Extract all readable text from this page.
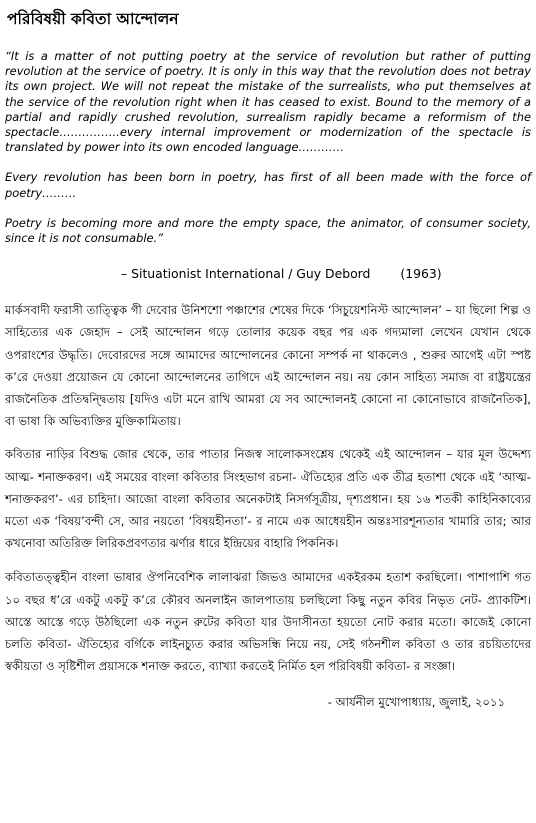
পরিবিষয়ী কবিতা আন্দোলন

“It is a matter of not putting poetry at the service of revolution but rather of putting revolution at the service of poetry. It is only in this way that the revolution does not betray its own project. We will not repeat the mistake of the surrealists, who put themselves at the service of the revolution right when it has ceased to exist. Bound to the memory of a partial and rapidly crushed revolution, surrealism rapidly became a reformism of the spectacle…………….every internal improvement or modernization of the spectacle is translated by power into its own encoded language…………

Every revolution has been born in poetry, has first of all been made with the force of poetry………

Poetry is becoming more and more the empty space, the animator, of consumer society, since it is not consumable.”

– Situationist International / Guy Debord (1963)

মার্কসবাদী ফরাসী তাত্ত্বিক গী দেবোর উনিশশো পঞ্চাশের শেষের দিকে ‘সিচুয়েশনিস্ট আন্দোলন’ – যা ছিলো শিল্প ও সাহিত্যের এক জেহাদ – সেই আন্দোলন গড়ে তোলার কয়েক বছর পর এক গদ্যমালা লেখেন যেখান থেকে ওপরাংশের উদ্ধৃতি। দেবোরদের সঙ্গে আমাদের আন্দোলনের কোনো সম্পর্ক না থাকলেও , শুরুর আগেই এটা স্পষ্ট ক’রে দেওয়া প্রয়োজন যে কোনো আন্দোলনের তাগিদে এই আন্দোলন নয়। নয় কোন সাহিত্য সমাজ বা রাষ্ট্রযন্ত্রের রাজনৈতিক প্রতিদ্বন্দ্বিতায় [যদিও এটা মনে রাখি আমরা যে সব আন্দোলনই কোনো না কোনোভাবে রাজনৈতিক], বা ভাষা কি অভিব্যক্তির মুক্তিকামিতায়।

কবিতার নাড়ির বিশুদ্ধ জোর থেকে, তার পাতার নিজস্ব সালোকসংশ্লেষ থেকেই এই আন্দোলন – যার মূল উদ্দেশ্য আত্ম- শনাক্তকরণ। এই সময়ের বাংলা কবিতার সিংহভাগ রচনা- ঐতিহ্যের প্রতি এক তীব্র হতাশা থেকে এই ‘আত্ম- শনাক্তকরণ’- এর চাহিদা। আজো বাংলা কবিতার অনেকটাই নিসর্গসূত্রীয়, দৃশ্যপ্রধান। হয় ১৬ শতকী কাহিনিকাব্যের মতো এক ‘বিষয়’বন্দী সে, আর নয়তো ‘বিষয়হীনতা’- র নামে এক আধেয়হীন অন্তঃসারশূন্যতার খামারি তার; আর কখনোবা অতিরিক্ত লিরিকপ্রবণতার ঝর্ণার ধারে ইন্দ্রিয়ের বাহারি পিকনিক।

কবিতাতত্ত্বহীন বাংলা ভাষার ঔপনিবেশিক লালাঝরা জিভও আমাদের একইরকম হতাশ করছিলো। পাশাপাশি গত ১০ বছর ধ’রে একটু একটু ক’রে কৌরব অনলাইন জালপাতায় চলছিলো কিছু নতুন কবির নিভৃত নেট- প্র্যাকটিশ। আস্তে আস্তে গড়ে উঠছিলো এক নতুন রুটের কবিতা যার উদাসীনতা হয়তো নোট করার মতো। কাজেই কোনো চলতি কবিতা- ঐতিহ্যের বর্গিকে লাইনচ্যুত করার অভিসন্ধি নিয়ে নয়, সেই গঠনশীল কবিতা ও তার রচয়িতাদের স্বকীয়তা ও সৃষ্টিশীল প্রয়াসকে শনাক্ত করতে, ব্যাখ্যা করতেই নির্মিত হল পরিবিষয়ী কবিতা- র সংজ্ঞা।

- আর্যনীল মুখোপাধ্যায়, জুলাই, ২০১১
